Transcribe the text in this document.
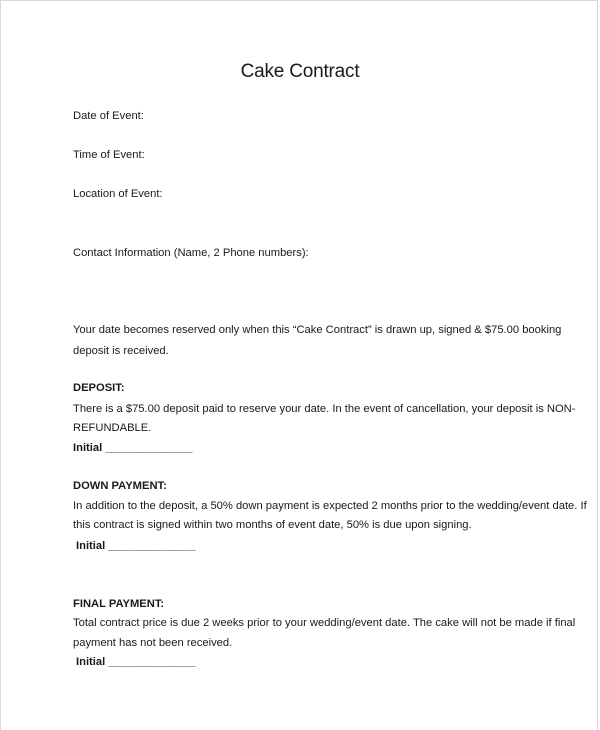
Cake Contract
Date of Event:
Time of Event:
Location of Event:
Contact Information (Name, 2 Phone numbers):
Your date becomes reserved only when this “Cake Contract” is drawn up, signed & $75.00 booking
deposit is received.
DEPOSIT:
There is a $75.00 deposit paid to reserve your date. In the event of cancellation, your deposit is NON-
REFUNDABLE.
Initial ______________
DOWN PAYMENT:
In addition to the deposit, a 50% down payment is expected 2 months prior to the wedding/event date. If
this contract is signed within two months of event date, 50% is due upon signing.
Initial ______________
FINAL PAYMENT:
Total contract price is due 2 weeks prior to your wedding/event date. The cake will not be made if final
payment has not been received.
Initial ______________
